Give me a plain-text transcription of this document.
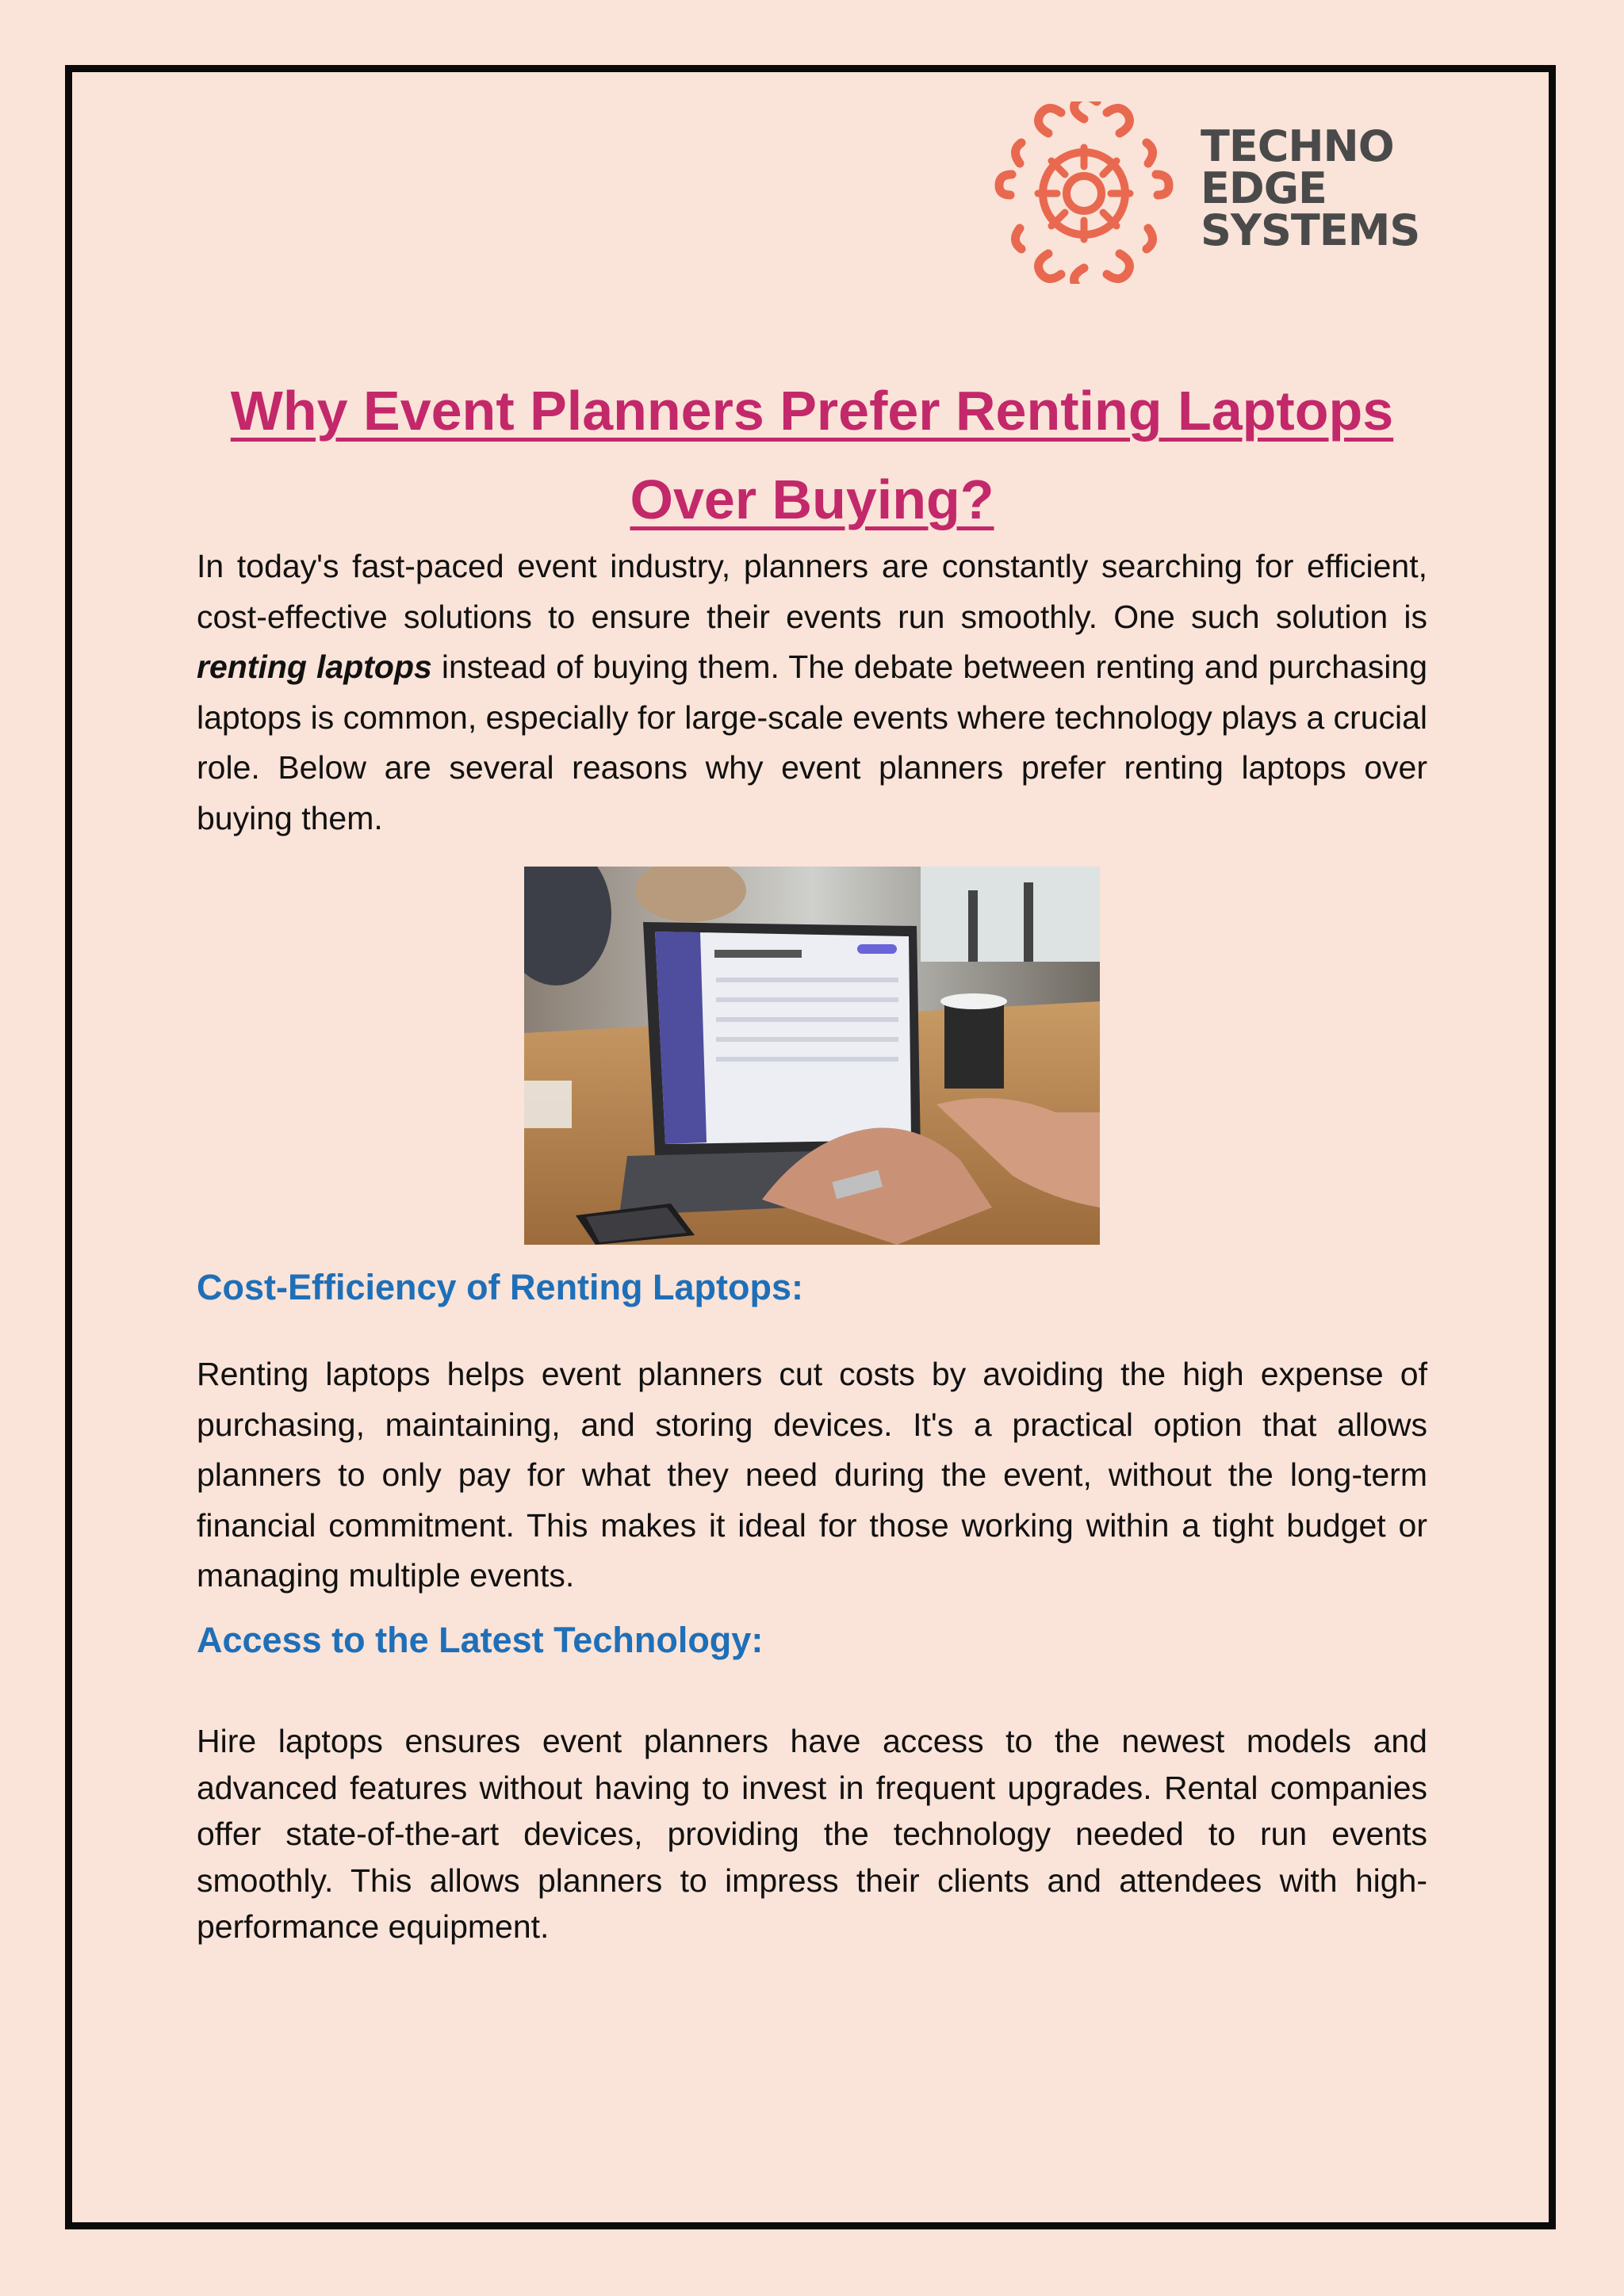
TECHNO
EDGE
SYSTEMS
Why Event Planners Prefer Renting Laptops Over Buying?

In today's fast-paced event industry, planners are constantly searching for efficient, cost-effective solutions to ensure their events run smoothly. One such solution is renting laptops instead of buying them. The debate between renting and purchasing laptops is common, especially for large-scale events where technology plays a crucial role. Below are several reasons why event planners prefer renting laptops over buying them.

Cost-Efficiency of Renting Laptops:

Renting laptops helps event planners cut costs by avoiding the high expense of purchasing, maintaining, and storing devices. It's a practical option that allows planners to only pay for what they need during the event, without the long-term financial commitment. This makes it ideal for those working within a tight budget or managing multiple events.

Access to the Latest Technology:

Hire laptops ensures event planners have access to the newest models and advanced features without having to invest in frequent upgrades. Rental companies offer state-of-the-art devices, providing the technology needed to run events smoothly. This allows planners to impress their clients and attendees with high-performance equipment.
